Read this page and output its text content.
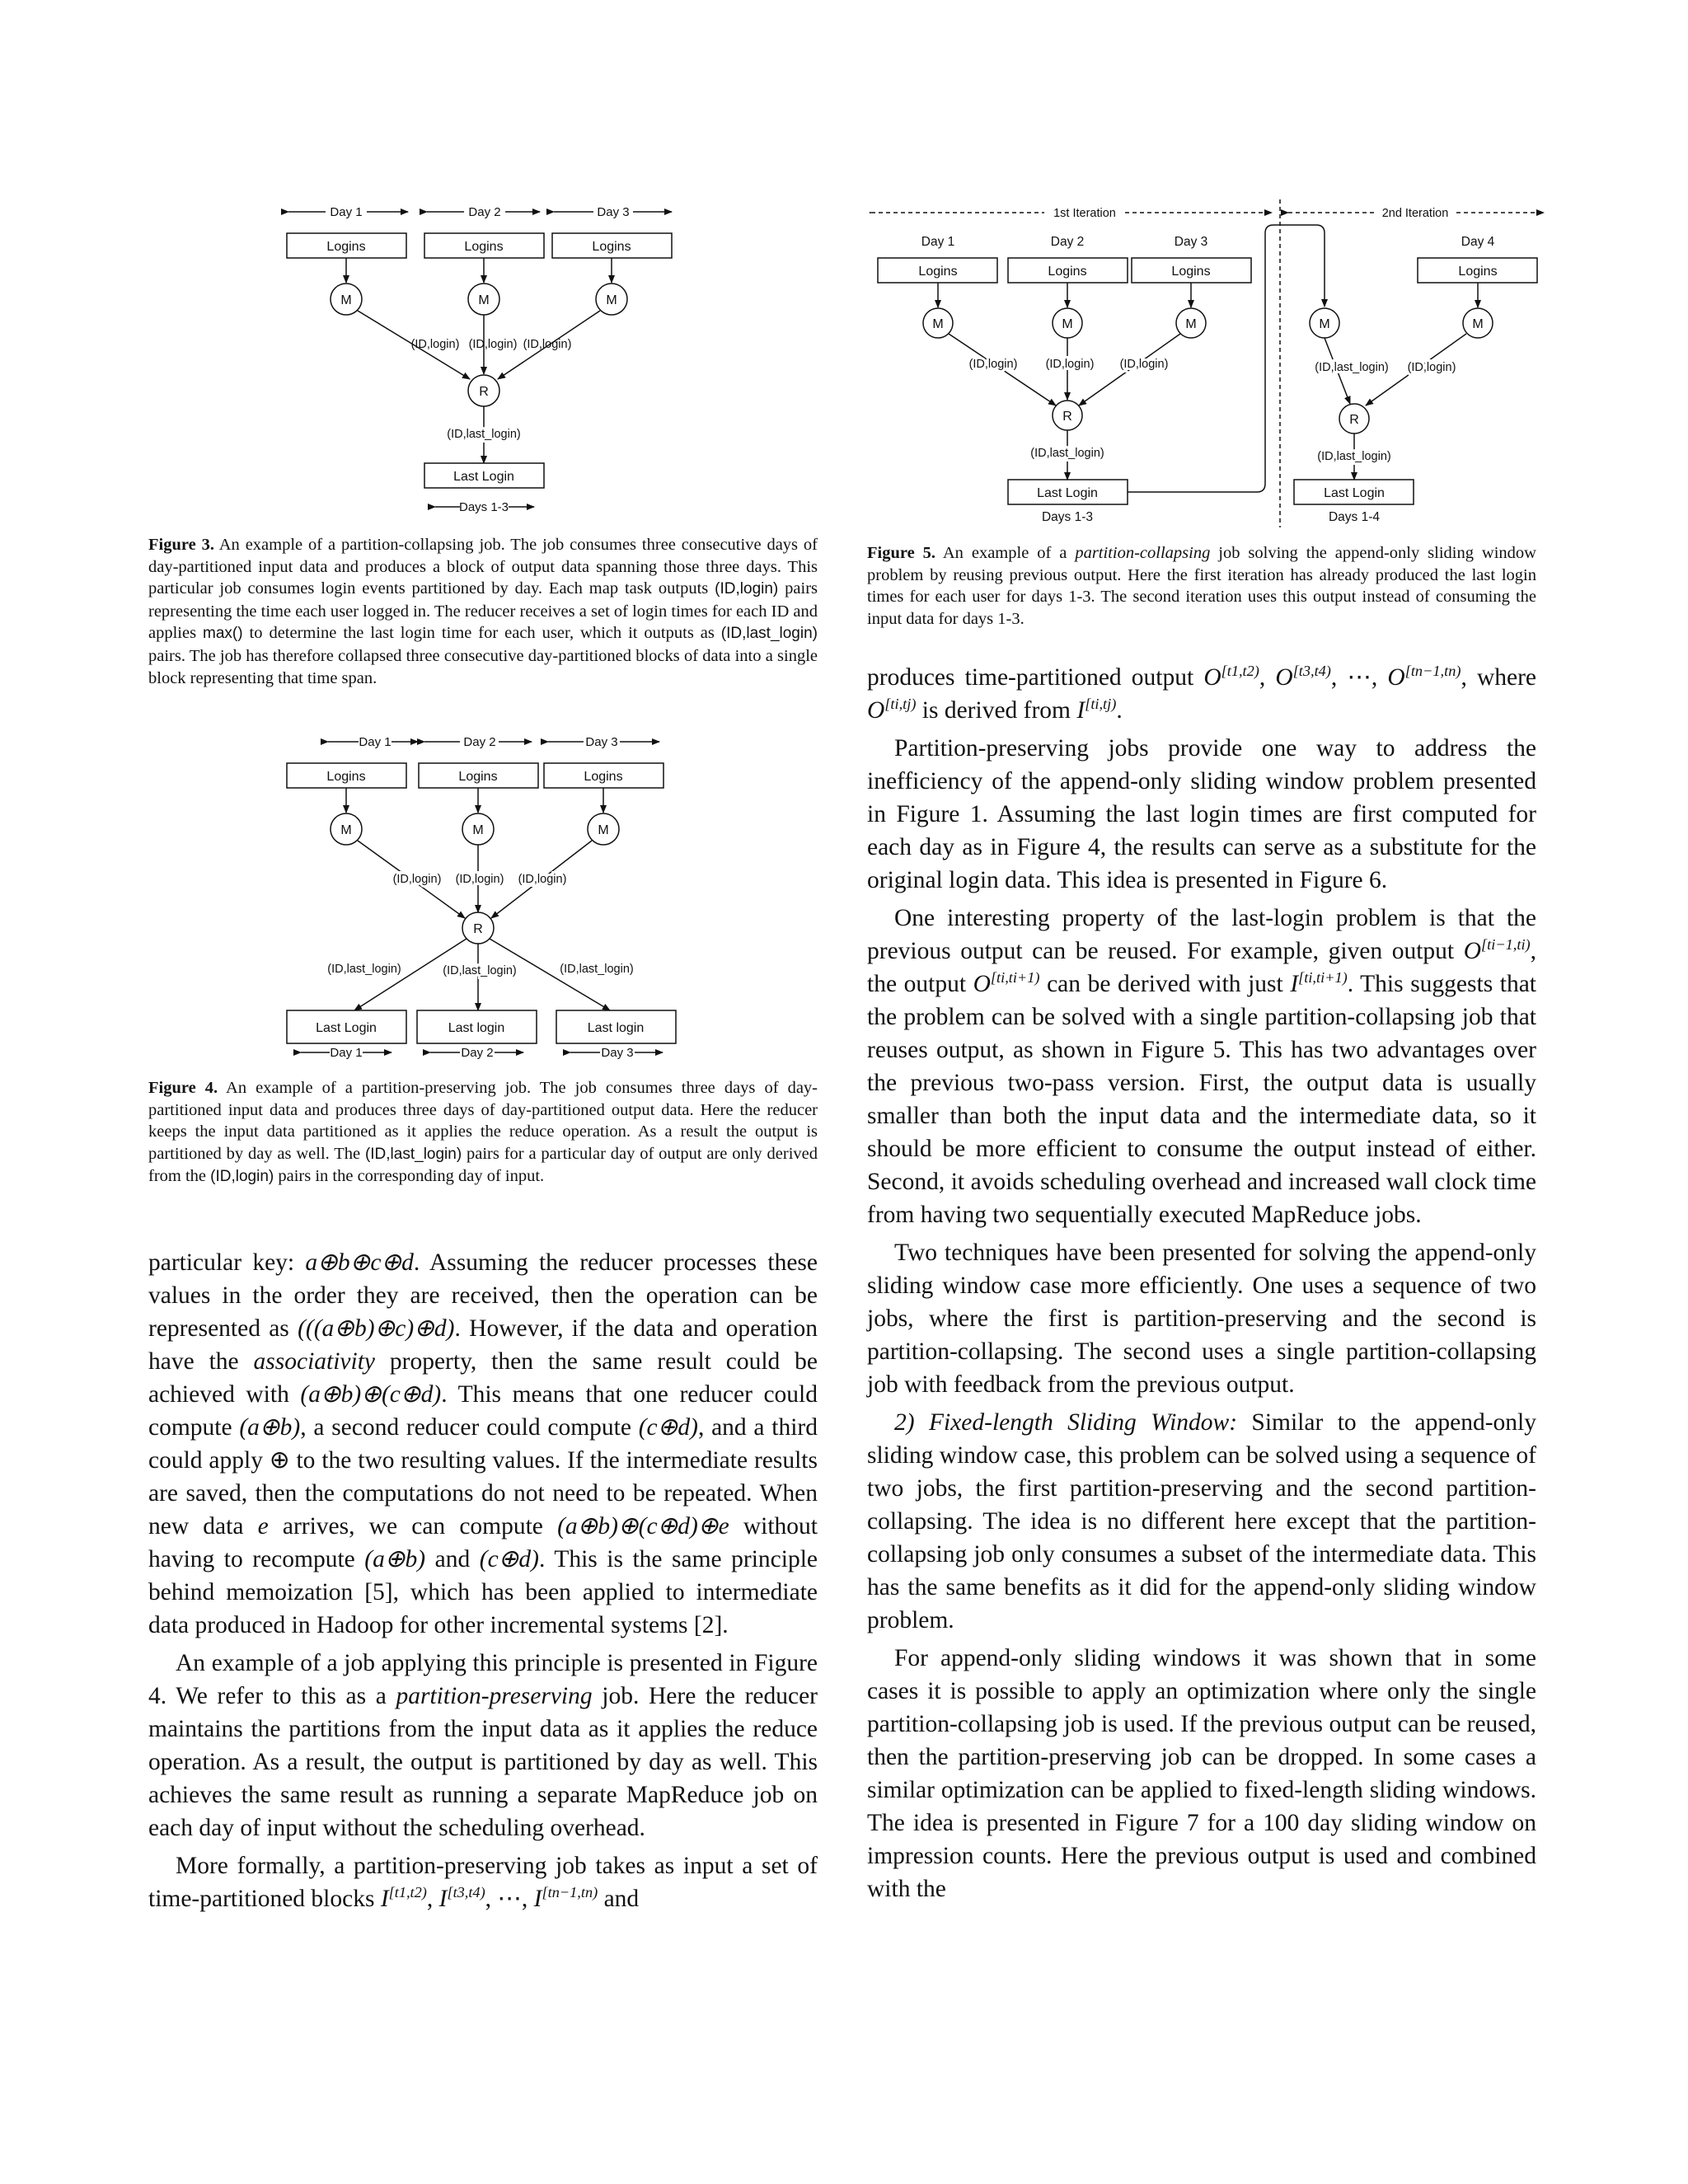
Day 1	Day 2	Day 3
Logins	Logins	Logins
M	M	M
(ID,login) (ID,login) (ID,login)
R
(ID,last_login)
Last Login
Days 1-3

Figure 3. An example of a partition-collapsing job. The job consumes three consecutive days of day-partitioned input data and produces a block of output data spanning those three days. This particular job consumes login events partitioned by day. Each map task outputs (ID,login) pairs representing the time each user logged in. The reducer receives a set of login times for each ID and applies max() to determine the last login time for each user, which it outputs as (ID,last_login) pairs. The job has therefore collapsed three consecutive day-partitioned blocks of data into a single block representing that time span.

Day 1	Day 2	Day 3
Logins	Logins	Logins
M	M	M
(ID,login) (ID,login) (ID,login)
R
(ID,last_login)	(ID,last_login)	(ID,last_login)
Last Login	Last login	Last login
Day 1	Day 2	Day 3

Figure 4. An example of a partition-preserving job. The job consumes three days of day-partitioned input data and produces three days of day-partitioned output data. Here the reducer keeps the input data partitioned as it applies the reduce operation. As a result the output is partitioned by day as well. The (ID,last_login) pairs for a particular day of output are only derived from the (ID,login) pairs in the corresponding day of input.

1st Iteration	2nd Iteration
Day 1	Day 2	Day 3	Day 4
Logins	Logins	Logins	Logins
M	M	M	M	M
(ID,login) (ID,login) (ID,login)
R
(ID,last_login)
Last Login
Days 1-3
(ID,last_login) (ID,login)
R
(ID,last_login)
Last Login
Days 1-4

Figure 5. An example of a partition-collapsing job solving the append-only sliding window problem by reusing previous output. Here the first iteration has already produced the last login times for each user for days 1-3. The second iteration uses this output instead of consuming the input data for days 1-3.

particular key: a⊕b⊕c⊕d. Assuming the reducer processes these values in the order they are received, then the operation can be represented as (((a⊕b)⊕c)⊕d). However, if the data and operation have the associativity property, then the same result could be achieved with (a⊕b)⊕(c⊕d). This means that one reducer could compute (a⊕b), a second reducer could compute (c⊕d), and a third could apply ⊕ to the two resulting values. If the intermediate results are saved, then the computations do not need to be repeated. When new data e arrives, we can compute (a⊕b)⊕(c⊕d)⊕e without having to recompute (a⊕b) and (c⊕d). This is the same principle behind memoization [5], which has been applied to intermediate data produced in Hadoop for other incremental systems [2].

An example of a job applying this principle is presented in Figure 4. We refer to this as a partition-preserving job. Here the reducer maintains the partitions from the input data as it applies the reduce operation. As a result, the output is partitioned by day as well. This achieves the same result as running a separate MapReduce job on each day of input without the scheduling overhead.

More formally, a partition-preserving job takes as input a set of time-partitioned blocks $I^{[t1,t2)}$, $I^{[t3,t4)}$, ⋯, $I^{[tn-1,tn)}$ and

produces time-partitioned output $O^{[t1,t2)}$, $O^{[t3,t4)}$, ⋯, $O^{[tn-1,tn)}$, where $O^{[ti,tj)}$ is derived from $I^{[ti,tj)}$.

Partition-preserving jobs provide one way to address the inefficiency of the append-only sliding window problem presented in Figure 1. Assuming the last login times are first computed for each day as in Figure 4, the results can serve as a substitute for the original login data. This idea is presented in Figure 6.

One interesting property of the last-login problem is that the previous output can be reused. For example, given output $O^{[ti-1,ti)}$, the output $O^{[ti,ti+1)}$ can be derived with just $I^{[ti,ti+1)}$. This suggests that the problem can be solved with a single partition-collapsing job that reuses output, as shown in Figure 5. This has two advantages over the previous two-pass version. First, the output data is usually smaller than both the input data and the intermediate data, so it should be more efficient to consume the output instead of either. Second, it avoids scheduling overhead and increased wall clock time from having two sequentially executed MapReduce jobs.

Two techniques have been presented for solving the append-only sliding window case more efficiently. One uses a sequence of two jobs, where the first is partition-preserving and the second is partition-collapsing. The second uses a single partition-collapsing job with feedback from the previous output.

2) Fixed-length Sliding Window: Similar to the append-only sliding window case, this problem can be solved using a sequence of two jobs, the first partition-preserving and the second partition-collapsing. The idea is no different here except that the partition-collapsing job only consumes a subset of the intermediate data. This has the same benefits as it did for the append-only sliding window problem.

For append-only sliding windows it was shown that in some cases it is possible to apply an optimization where only the single partition-collapsing job is used. If the previous output can be reused, then the partition-preserving job can be dropped. In some cases a similar optimization can be applied to fixed-length sliding windows. The idea is presented in Figure 7 for a 100 day sliding window on impression counts. Here the previous output is used and combined with the
